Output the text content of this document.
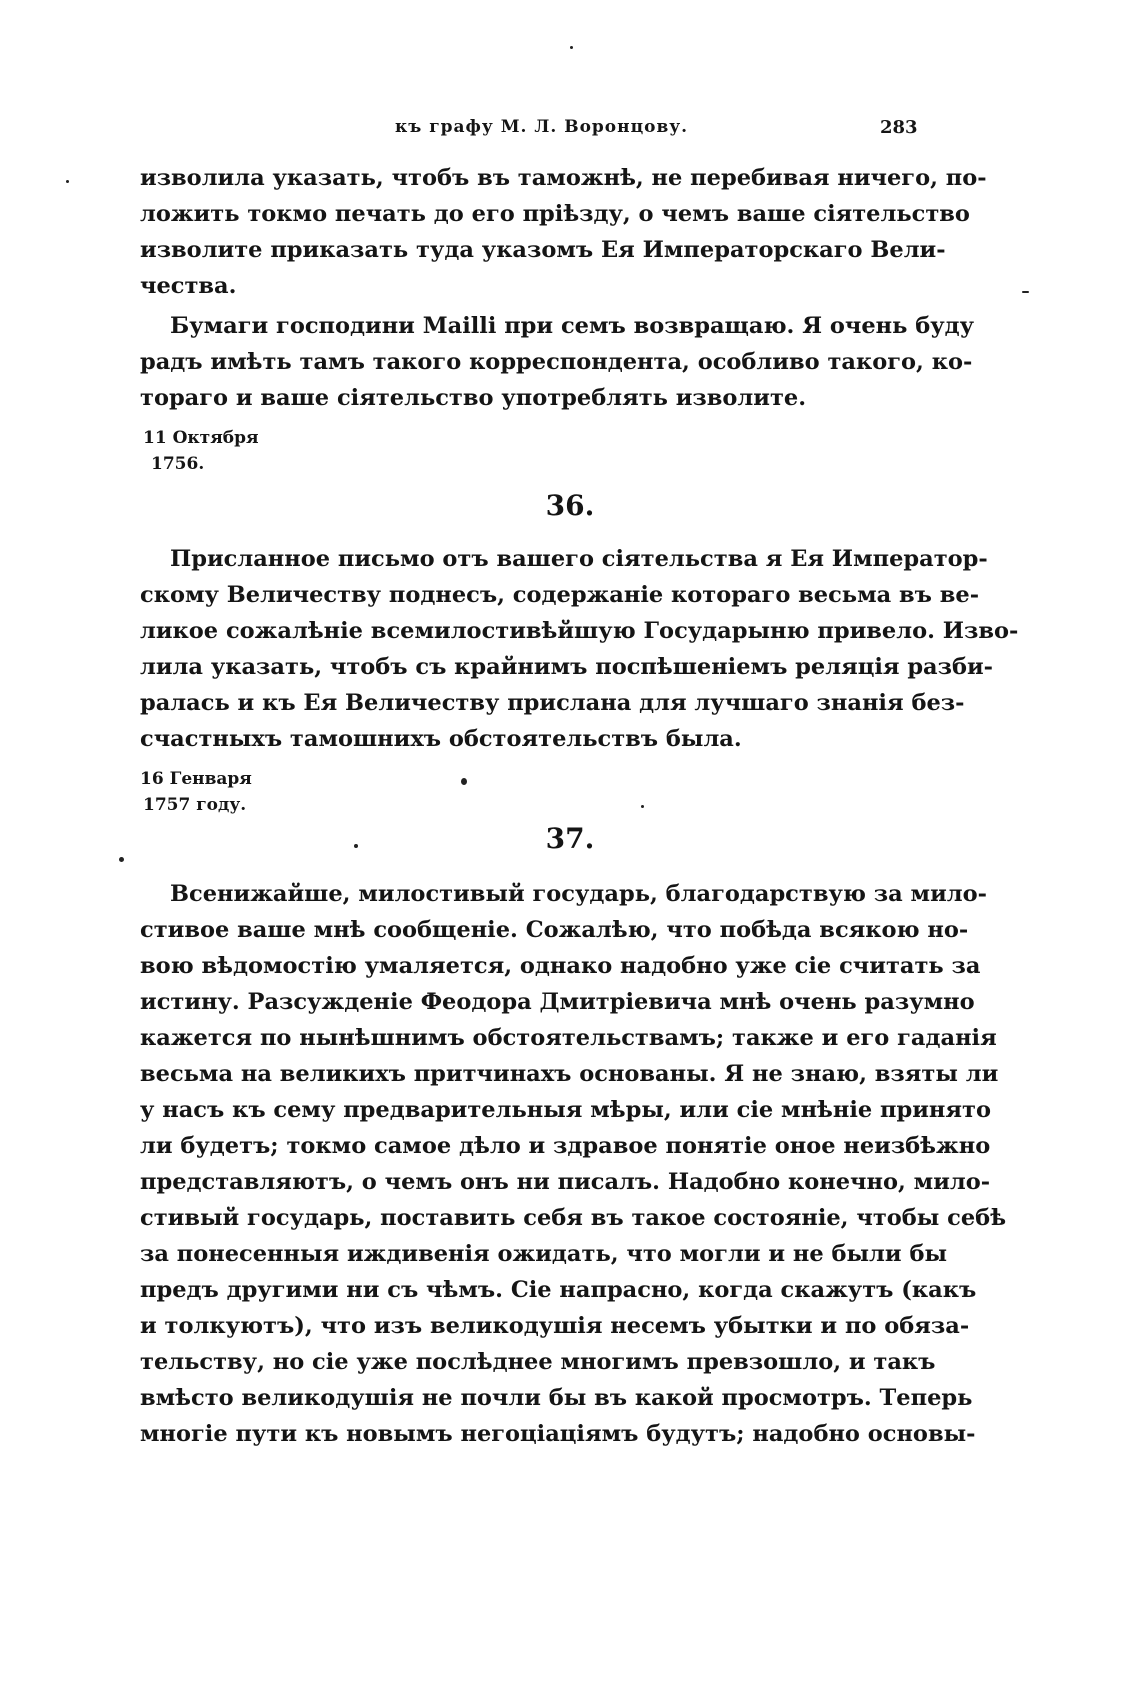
къ графу М. Л. Воронцову.	283
изволила указать, чтобъ въ таможнѣ, не перебивая ничего, по-
ложить токмо печать до его прiѣзду, о чемъ ваше сiятельство
изволите приказать туда указомъ Ея Императорскаго Вели-
чества.
Бумаги господини Mailli при семъ возвращаю. Я очень буду
радъ имѣть тамъ такого корреспондента, особливо такого, ко-
тораго и ваше сiятельство употреблять изволите.
11 Октября
1756.
36.
Присланное письмо отъ вашего сiятельства я Ея Император-
скому Величеству поднесъ, содержанiе котораго весьма въ ве-
ликое сожалѣнiе всемилостивѣйшую Государыню привело. Изво-
лила указать, чтобъ съ крайнимъ поспѣшенiемъ реляцiя разби-
ралась и къ Ея Величеству прислана для лучшаго знанiя без-
счастныхъ тамошнихъ обстоятельствъ была.
16 Генваря
1757 году.
37.
Всенижайше, милостивый государь, благодарствую за мило-
стивое ваше мнѣ сообщенiе. Сожалѣю, что побѣда всякою но-
вою вѣдомостiю умаляется, однако надобно уже сiе считать за
истину. Разсужденiе Феодора Дмитрiевича мнѣ очень разумно
кажется по нынѣшнимъ обстоятельствамъ; также и его гаданiя
весьма на великихъ притчинахъ основаны. Я не знаю, взяты ли
у насъ къ сему предварительныя мѣры, или сiе мнѣнiе принято
ли будетъ; токмо самое дѣло и здравое понятiе оное неизбѣжно
представляютъ, о чемъ онъ ни писалъ. Надобно конечно, мило-
стивый государь, поставить себя въ такое состоянiе, чтобы себѣ
за понесенныя иждивенiя ожидать, что могли и не были бы
предъ другими ни съ чѣмъ. Сiе напрасно, когда скажутъ (какъ
и толкуютъ), что изъ великодушiя несемъ убытки и по обяза-
тельству, но сiе уже послѣднее многимъ превзошло, и такъ
вмѣсто великодушiя не почли бы въ какой просмотръ. Теперь
многiе пути къ новымъ негоцiацiямъ будутъ; надобно основы-
